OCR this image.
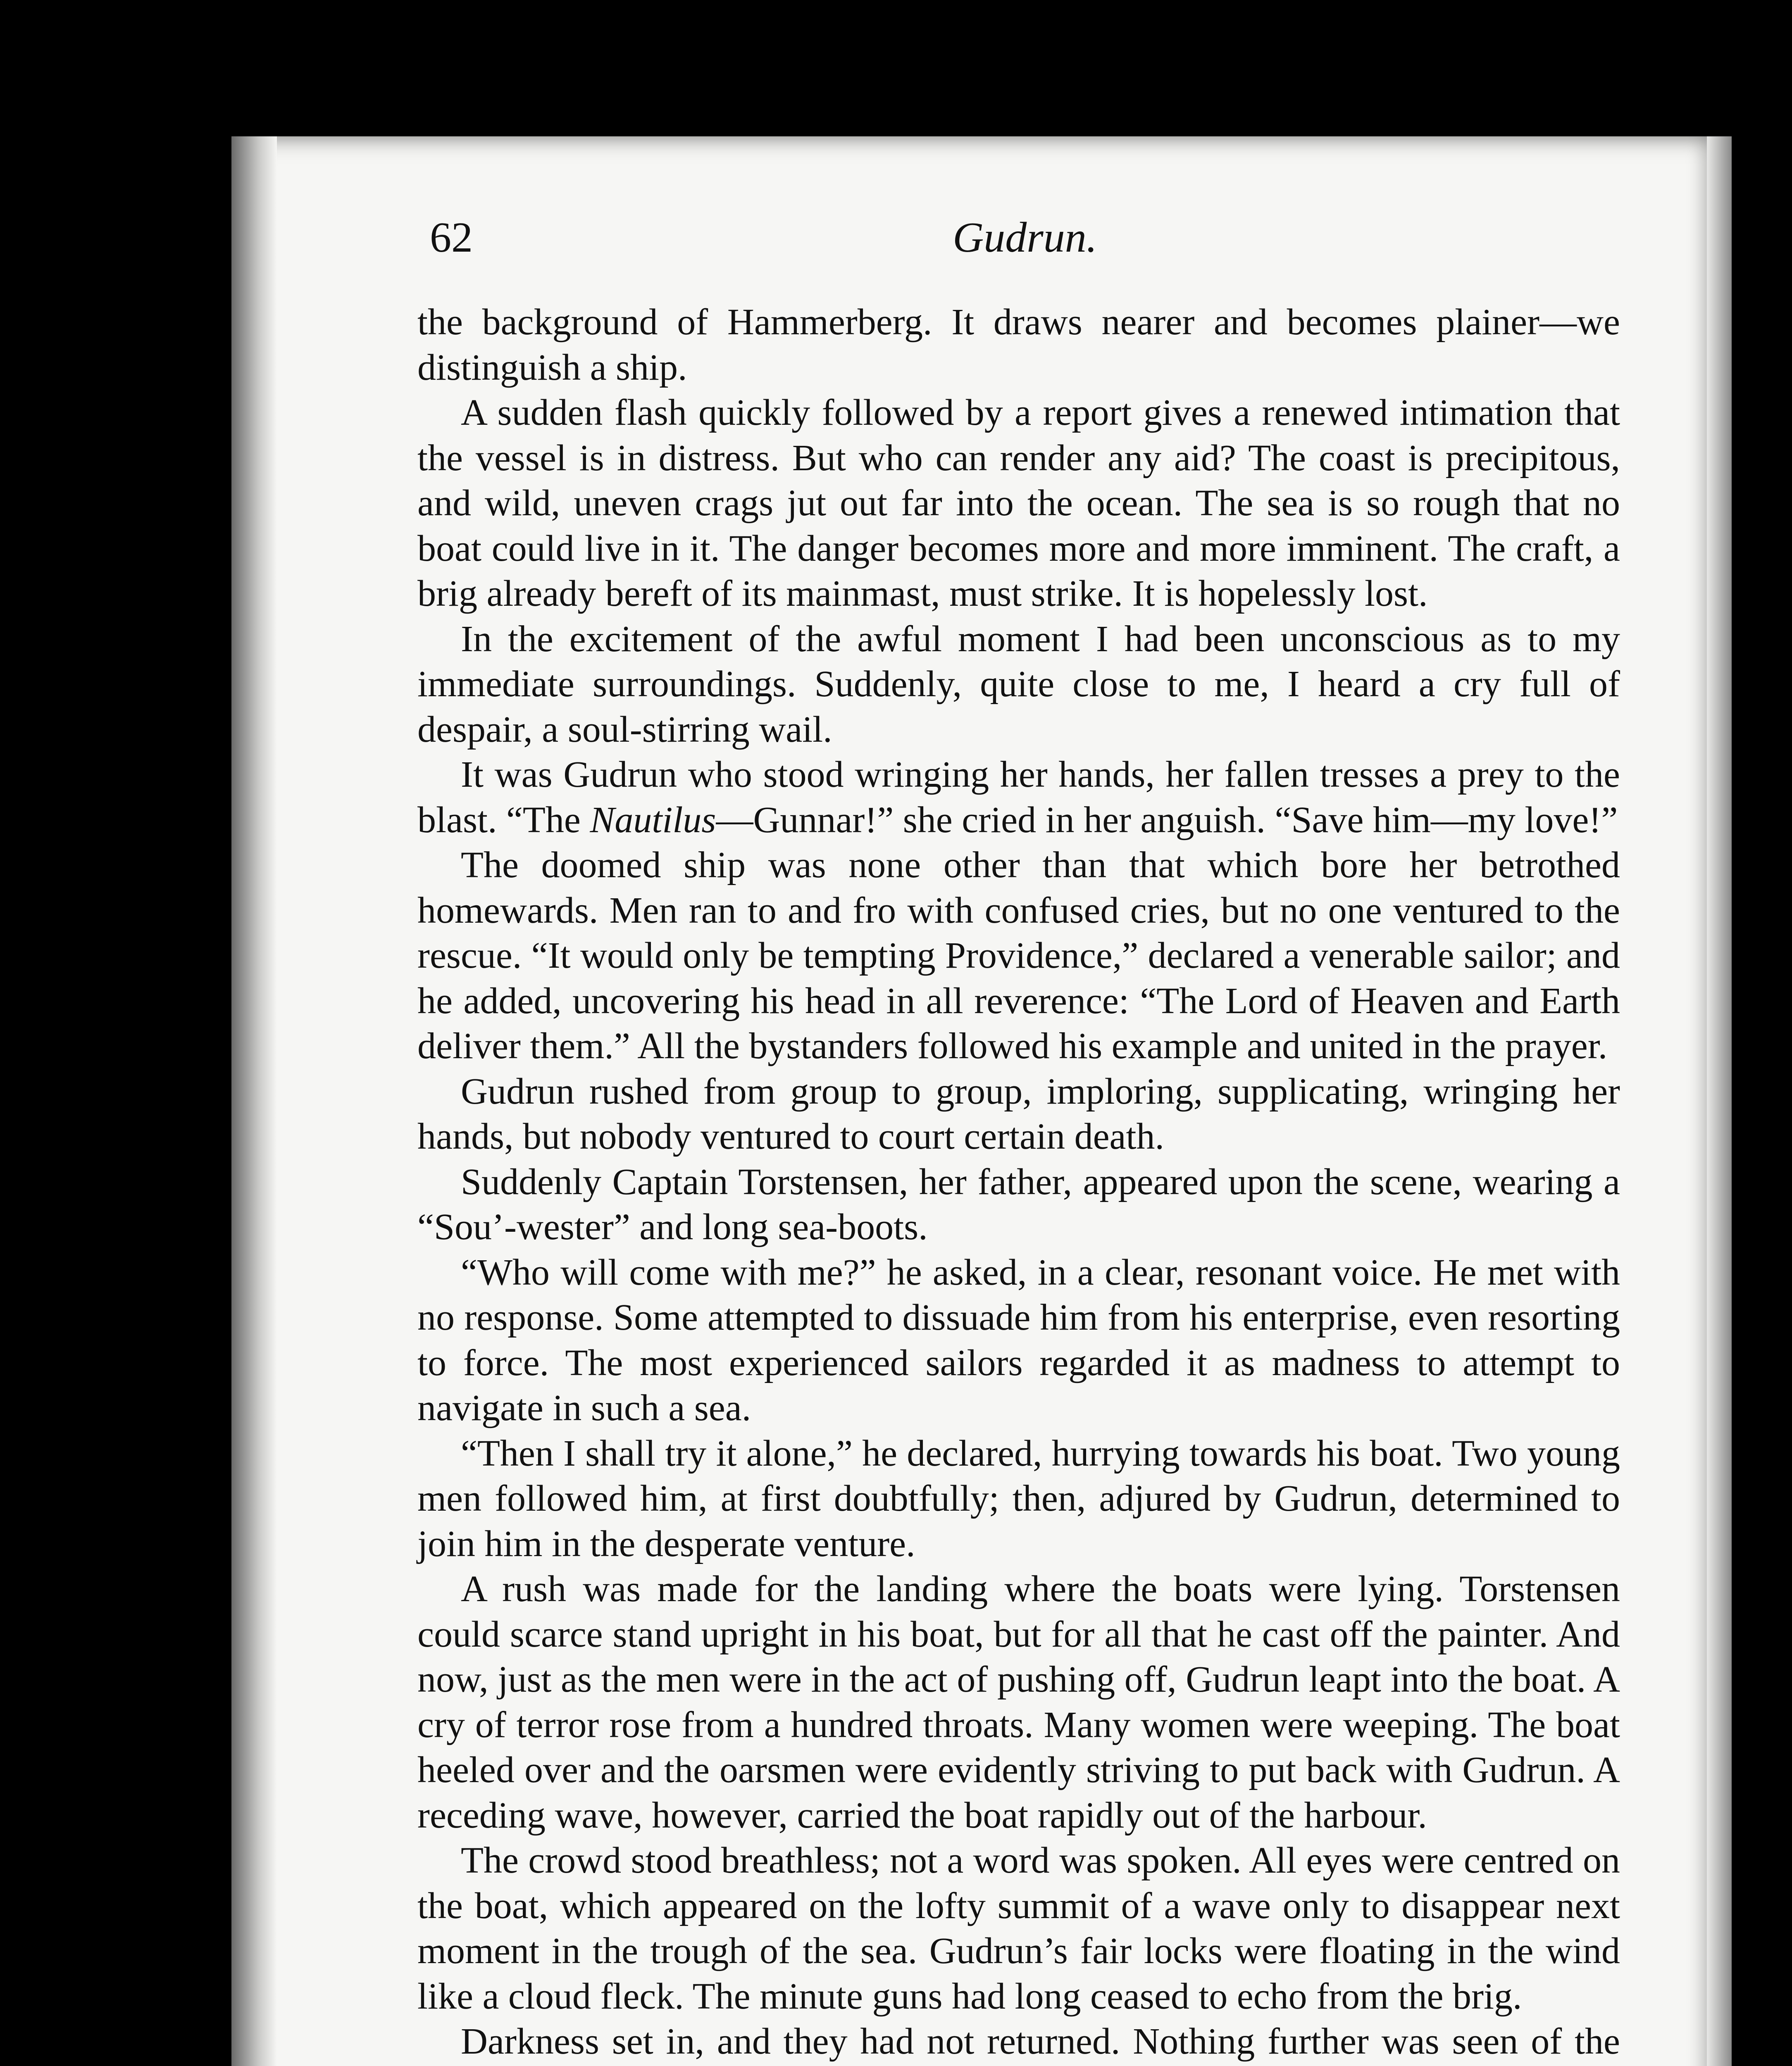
62	Gudrun.

the background of Hammerberg. It draws nearer and becomes plainer—we distinguish a ship.

A sudden flash quickly followed by a report gives a renewed intimation that the vessel is in distress. But who can render any aid? The coast is precipitous, and wild, uneven crags jut out far into the ocean. The sea is so rough that no boat could live in it. The danger becomes more and more imminent. The craft, a brig already bereft of its mainmast, must strike. It is hopelessly lost.

In the excitement of the awful moment I had been unconscious as to my immediate surroundings. Suddenly, quite close to me, I heard a cry full of despair, a soul-stirring wail.

It was Gudrun who stood wringing her hands, her fallen tresses a prey to the blast. “The Nautilus—Gunnar!” she cried in her anguish. “Save him—my love!”

The doomed ship was none other than that which bore her betrothed homewards. Men ran to and fro with confused cries, but no one ventured to the rescue. “It would only be tempting Providence,” declared a venerable sailor; and he added, uncovering his head in all reverence: “The Lord of Heaven and Earth deliver them.” All the bystanders followed his example and united in the prayer.

Gudrun rushed from group to group, imploring, supplicating, wringing her hands, but nobody ventured to court certain death.

Suddenly Captain Torstensen, her father, appeared upon the scene, wearing a “Sou’-wester” and long sea-boots.

“Who will come with me?” he asked, in a clear, resonant voice. He met with no response. Some attempted to dissuade him from his enterprise, even resorting to force. The most experienced sailors regarded it as madness to attempt to navigate in such a sea.

“Then I shall try it alone,” he declared, hurrying towards his boat. Two young men followed him, at first doubtfully; then, adjured by Gudrun, determined to join him in the desperate venture.

A rush was made for the landing where the boats were lying. Torstensen could scarce stand upright in his boat, but for all that he cast off the painter. And now, just as the men were in the act of pushing off, Gudrun leapt into the boat. A cry of terror rose from a hundred throats. Many women were weeping. The boat heeled over and the oarsmen were evidently striving to put back with Gudrun. A receding wave, however, carried the boat rapidly out of the harbour.

The crowd stood breathless; not a word was spoken. All eyes were centred on the boat, which appeared on the lofty summit of a wave only to disappear next moment in the trough of the sea. Gudrun’s fair locks were floating in the wind like a cloud fleck. The minute guns had long ceased to echo from the brig.

Darkness set in, and they had not returned. Nothing further was seen of the
